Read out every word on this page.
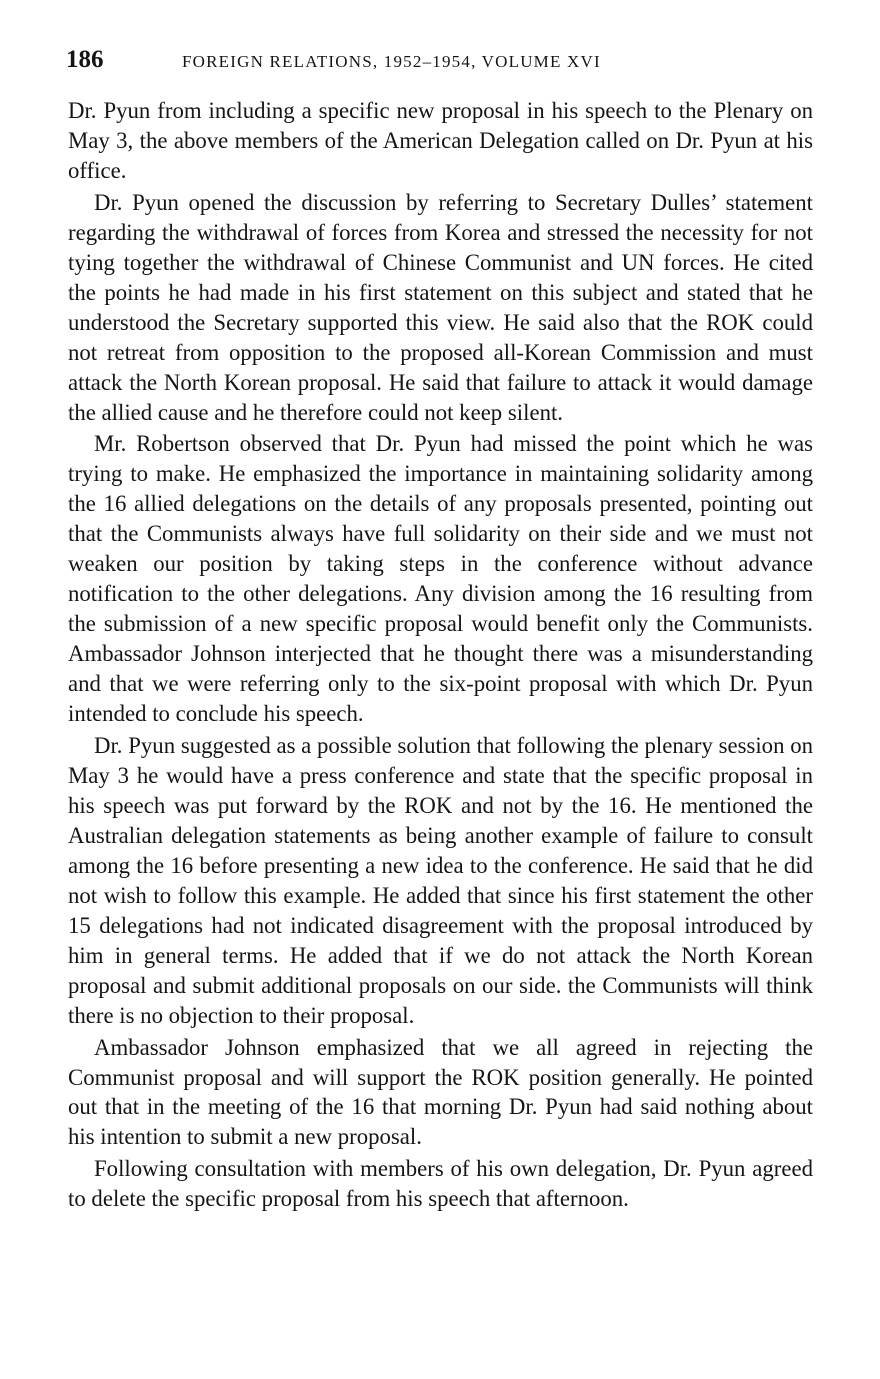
186	FOREIGN RELATIONS, 1952–1954, VOLUME XVI

Dr. Pyun from including a specific new proposal in his speech to the Plenary on May 3, the above members of the American Delegation called on Dr. Pyun at his office.

Dr. Pyun opened the discussion by referring to Secretary Dulles’ statement regarding the withdrawal of forces from Korea and stressed the necessity for not tying together the withdrawal of Chinese Communist and UN forces. He cited the points he had made in his first statement on this subject and stated that he understood the Secretary supported this view. He said also that the ROK could not retreat from opposition to the proposed all-Korean Commission and must attack the North Korean proposal. He said that failure to attack it would damage the allied cause and he therefore could not keep silent.

Mr. Robertson observed that Dr. Pyun had missed the point which he was trying to make. He emphasized the importance in maintaining solidarity among the 16 allied delegations on the details of any proposals presented, pointing out that the Communists always have full solidarity on their side and we must not weaken our position by taking steps in the conference without advance notification to the other delegations. Any division among the 16 resulting from the submission of a new specific proposal would benefit only the Communists. Ambassador Johnson interjected that he thought there was a misunderstanding and that we were referring only to the six-point proposal with which Dr. Pyun intended to conclude his speech.

Dr. Pyun suggested as a possible solution that following the plenary session on May 3 he would have a press conference and state that the specific proposal in his speech was put forward by the ROK and not by the 16. He mentioned the Australian delegation statements as being another example of failure to consult among the 16 before presenting a new idea to the conference. He said that he did not wish to follow this example. He added that since his first statement the other 15 delegations had not indicated disagreement with the proposal introduced by him in general terms. He added that if we do not attack the North Korean proposal and submit additional proposals on our side. the Communists will think there is no objection to their proposal.

Ambassador Johnson emphasized that we all agreed in rejecting the Communist proposal and will support the ROK position generally. He pointed out that in the meeting of the 16 that morning Dr. Pyun had said nothing about his intention to submit a new proposal.

Following consultation with members of his own delegation, Dr. Pyun agreed to delete the specific proposal from his speech that afternoon.
